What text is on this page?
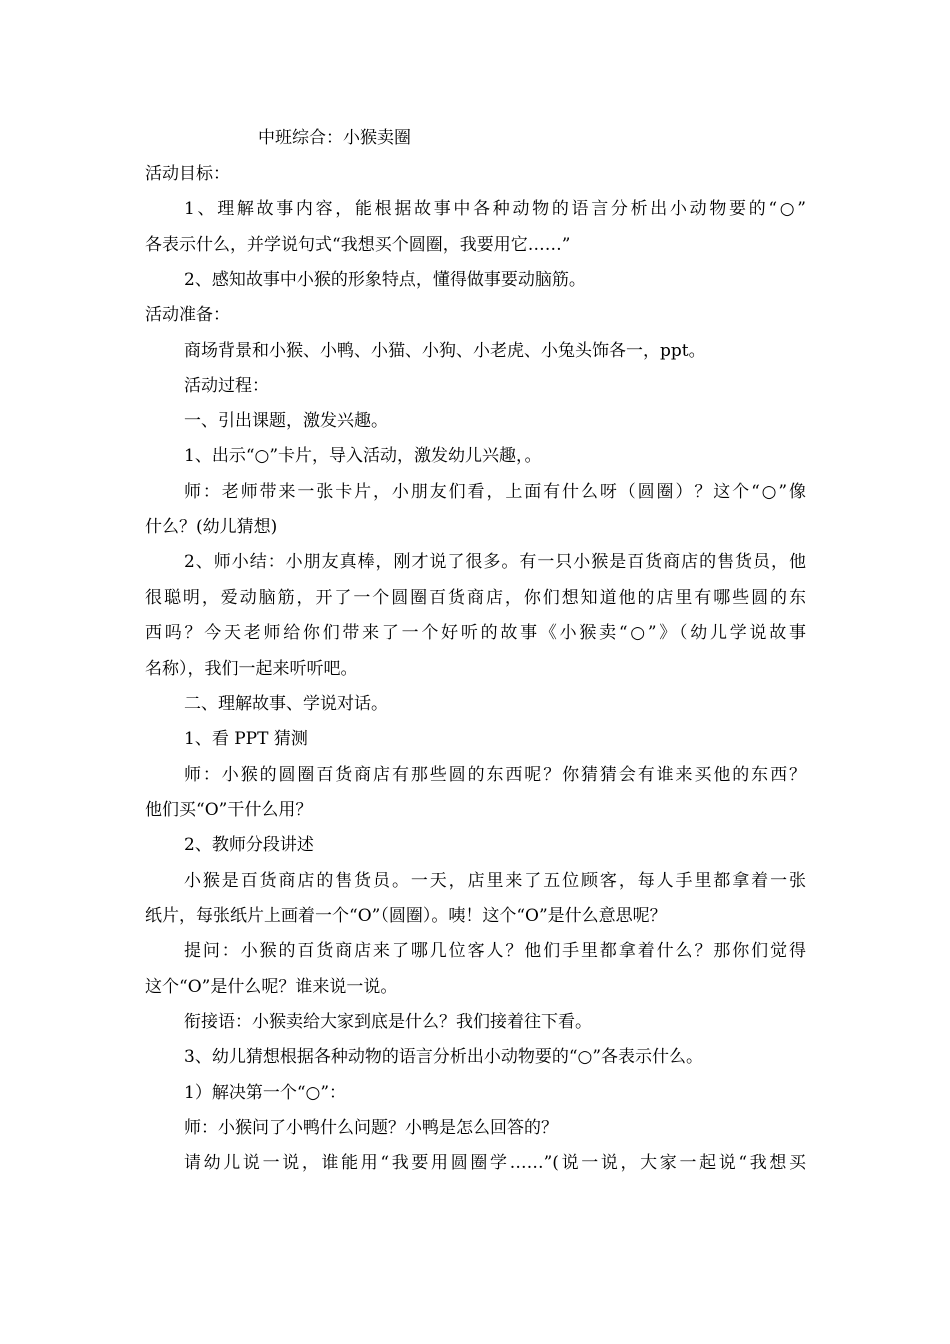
中班综合：小猴卖圈
活动目标：
1、理解故事内容，能根据故事中各种动物的语言分析出小动物要的“○”
各表示什么，并学说句式“我想买个圆圈，我要用它……”
2、感知故事中小猴的形象特点，懂得做事要动脑筋。
活动准备：
商场背景和小猴、小鸭、小猫、小狗、小老虎、小兔头饰各一，ppt。
活动过程：
一、引出课题，激发兴趣。
1、出示“○”卡片，导入活动，激发幼儿兴趣，。
师：老师带来一张卡片，小朋友们看，上面有什么呀（圆圈）？这个“○”像
什么？(幼儿猜想)
2、师小结：小朋友真棒，刚才说了很多。有一只小猴是百货商店的售货员，他
很聪明，爱动脑筋，开了一个圆圈百货商店，你们想知道他的店里有哪些圆的东
西吗？今天老师给你们带来了一个好听的故事《小猴卖“○”》（幼儿学说故事
名称），我们一起来听听吧。
二、理解故事、学说对话。
1、看 PPT 猜测
师：小猴的圆圈百货商店有那些圆的东西呢？你猜猜会有谁来买他的东西？
他们买“O”干什么用？
2、教师分段讲述
小猴是百货商店的售货员。一天，店里来了五位顾客，每人手里都拿着一张
纸片，每张纸片上画着一个“O”（圆圈）。咦！这个“O”是什么意思呢？
提问：小猴的百货商店来了哪几位客人？他们手里都拿着什么？那你们觉得
这个“O”是什么呢？谁来说一说。
衔接语：小猴卖给大家到底是什么？我们接着往下看。
3、幼儿猜想根据各种动物的语言分析出小动物要的“○”各表示什么。
1）解决第一个“○”：
师：小猴问了小鸭什么问题？小鸭是怎么回答的？
请幼儿说一说，谁能用“我要用圆圈学……”(说一说，大家一起说“我想买
